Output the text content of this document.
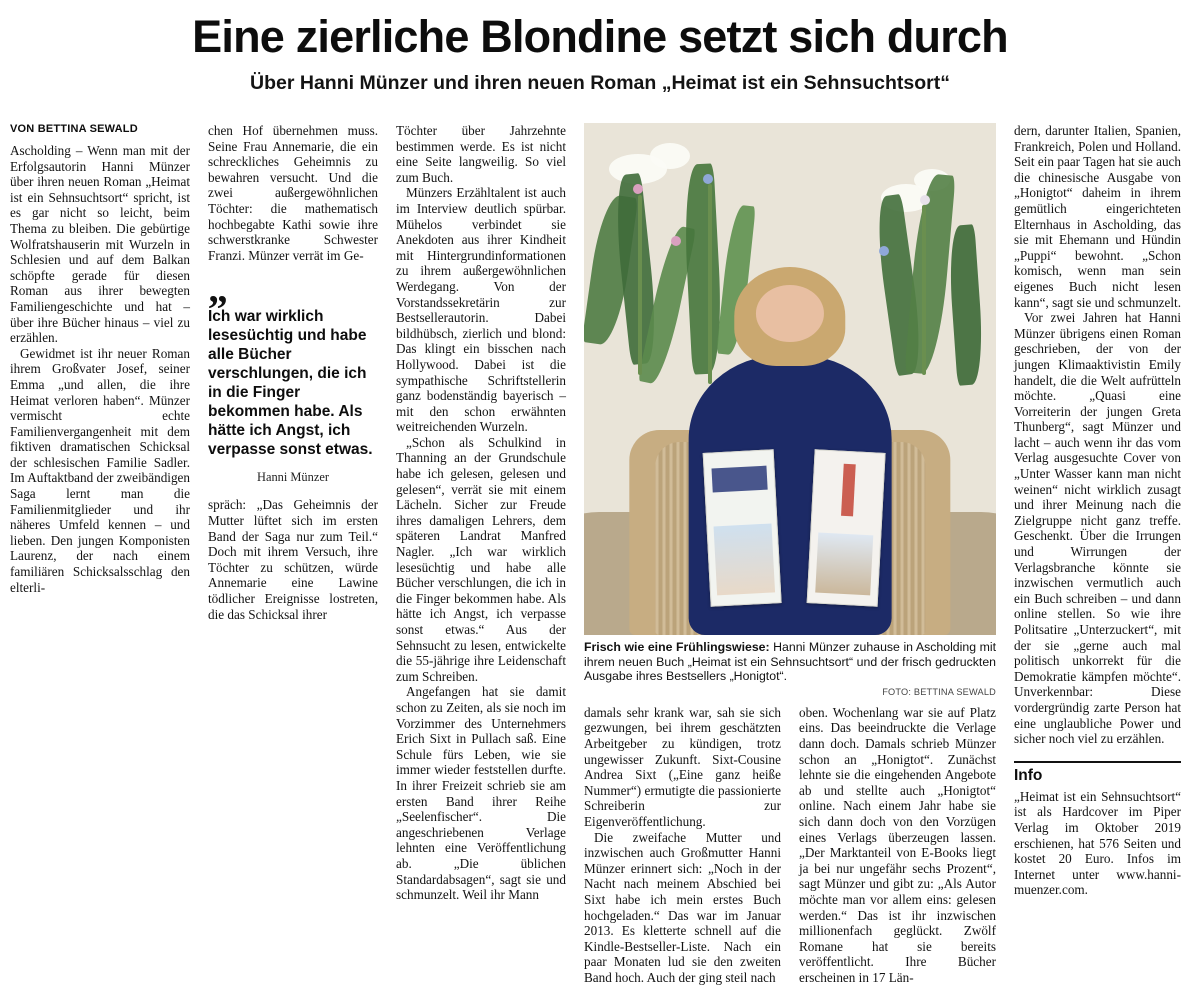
Eine zierliche Blondine setzt sich durch
Über Hanni Münzer und ihren neuen Roman „Heimat ist ein Sehnsuchtsort“
VON BETTINA SEWALD

Ascholding – Wenn man mit der Erfolgsautorin Hanni Münzer über ihren neuen Roman „Heimat ist ein Sehnsuchtsort“ spricht, ist es gar nicht so leicht, beim Thema zu bleiben. Die gebürtige Wolfratshauserin mit Wurzeln in Schlesien und auf dem Balkan schöpfte gerade für diesen Roman aus ihrer bewegten Familiengeschichte und hat – über ihre Bücher hinaus – viel zu erzählen.

Gewidmet ist ihr neuer Roman ihrem Großvater Josef, seiner Emma „und allen, die ihre Heimat verloren haben“. Münzer vermischt echte Familienvergangenheit mit dem fiktiven dramatischen Schicksal der schlesischen Familie Sadler. Im Auftaktband der zweibändigen Saga lernt man die Familienmitglieder und ihr näheres Umfeld kennen – und lieben. Den jungen Komponisten Laurenz, der nach einem familiären Schicksalsschlag den elterli-

chen Hof übernehmen muss. Seine Frau Annemarie, die ein schreckliches Geheimnis zu bewahren versucht. Und die zwei außergewöhnlichen Töchter: die mathematisch hochbegabte Kathi sowie ihre schwerstkranke Schwester Franzi. Münzer verrät im Ge-

„

Ich war wirklich lesesüchtig und habe alle Bücher verschlungen, die ich in die Finger bekommen habe. Als hätte ich Angst, ich verpasse sonst etwas.

Hanni Münzer

spräch: „Das Geheimnis der Mutter lüftet sich im ersten Band der Saga nur zum Teil.“ Doch mit ihrem Versuch, ihre Töchter zu schützen, würde Annemarie eine Lawine tödlicher Ereignisse lostreten, die das Schicksal ihrer

Töchter über Jahrzehnte bestimmen werde. Es ist nicht eine Seite langweilig. So viel zum Buch.

Münzers Erzähltalent ist auch im Interview deutlich spürbar. Mühelos verbindet sie Anekdoten aus ihrer Kindheit mit Hintergrundinformationen zu ihrem außergewöhnlichen Werdegang. Von der Vorstandssekretärin zur Bestsellerautorin. Dabei bildhübsch, zierlich und blond: Das klingt ein bisschen nach Hollywood. Dabei ist die sympathische Schriftstellerin ganz bodenständig bayerisch – mit den schon erwähnten weitreichenden Wurzeln.

„Schon als Schulkind in Thanning an der Grundschule habe ich gelesen, gelesen und gelesen“, verrät sie mit einem Lächeln. Sicher zur Freude ihres damaligen Lehrers, dem späteren Landrat Manfred Nagler. „Ich war wirklich lesesüchtig und habe alle Bücher verschlungen, die ich in die Finger bekommen habe. Als hätte ich Angst, ich verpasse sonst etwas.“ Aus der Sehnsucht zu lesen, entwickelte die 55-jährige ihre Leidenschaft zum Schreiben.

Angefangen hat sie damit schon zu Zeiten, als sie noch im Vorzimmer des Unternehmers Erich Sixt in Pullach saß. Eine Schule fürs Leben, wie sie immer wieder feststellen durfte. In ihrer Freizeit schrieb sie am ersten Band ihrer Reihe „Seelenfischer“. Die angeschriebenen Verlage lehnten eine Veröffentlichung ab. „Die üblichen Standardabsagen“, sagt sie und schmunzelt. Weil ihr Mann

Frisch wie eine Frühlingswiese: Hanni Münzer zuhause in Ascholding mit ihrem neuen Buch „Heimat ist ein Sehnsuchtsort“ und der frisch gedruckten Ausgabe ihres Bestsellers „Honigtot“.
FOTO: BETTINA SEWALD

damals sehr krank war, sah sie sich gezwungen, bei ihrem geschätzten Arbeitgeber zu kündigen, trotz ungewisser Zukunft. Sixt-Cousine Andrea Sixt („Eine ganz heiße Nummer“) ermutigte die passionierte Schreiberin zur Eigenveröffentlichung.

Die zweifache Mutter und inzwischen auch Großmutter Hanni Münzer erinnert sich: „Noch in der Nacht nach meinem Abschied bei Sixt habe ich mein erstes Buch hochgeladen.“ Das war im Januar 2013. Es kletterte schnell auf die Kindle-Bestseller-Liste. Nach ein paar Monaten lud sie den zweiten Band hoch. Auch der ging steil nach

oben. Wochenlang war sie auf Platz eins. Das beeindruckte die Verlage dann doch. Damals schrieb Münzer schon an „Honigtot“. Zunächst lehnte sie die eingehenden Angebote ab und stellte auch „Honigtot“ online. Nach einem Jahr habe sie sich dann doch von den Vorzügen eines Verlags überzeugen lassen. „Der Marktanteil von E-Books liegt ja bei nur ungefähr sechs Prozent“, sagt Münzer und gibt zu: „Als Autor möchte man vor allem eins: gelesen werden.“ Das ist ihr inzwischen millionenfach geglückt. Zwölf Romane hat sie bereits veröffentlicht. Ihre Bücher erscheinen in 17 Län-

dern, darunter Italien, Spanien, Frankreich, Polen und Holland. Seit ein paar Tagen hat sie auch die chinesische Ausgabe von „Honigtot“ daheim in ihrem gemütlich eingerichteten Elternhaus in Ascholding, das sie mit Ehemann und Hündin „Puppi“ bewohnt. „Schon komisch, wenn man sein eigenes Buch nicht lesen kann“, sagt sie und schmunzelt.

Vor zwei Jahren hat Hanni Münzer übrigens einen Roman geschrieben, der von der jungen Klimaaktivistin Emily handelt, die die Welt aufrütteln möchte. „Quasi eine Vorreiterin der jungen Greta Thunberg“, sagt Münzer und lacht – auch wenn ihr das vom Verlag ausgesuchte Cover von „Unter Wasser kann man nicht weinen“ nicht wirklich zusagt und ihrer Meinung nach die Zielgruppe nicht ganz treffe. Geschenkt. Über die Irrungen und Wirrungen der Verlagsbranche könnte sie inzwischen vermutlich auch ein Buch schreiben – und dann online stellen. So wie ihre Politsatire „Unterzuckert“, mit der sie „gerne auch mal politisch unkorrekt für die Demokratie kämpfen möchte“. Unverkennbar: Diese vordergründig zarte Person hat eine unglaubliche Power und sicher noch viel zu erzählen.

Info

„Heimat ist ein Sehnsuchtsort“ ist als Hardcover im Piper Verlag im Oktober 2019 erschienen, hat 576 Seiten und kostet 20 Euro. Infos im Internet unter www.hanni-muenzer.com.
